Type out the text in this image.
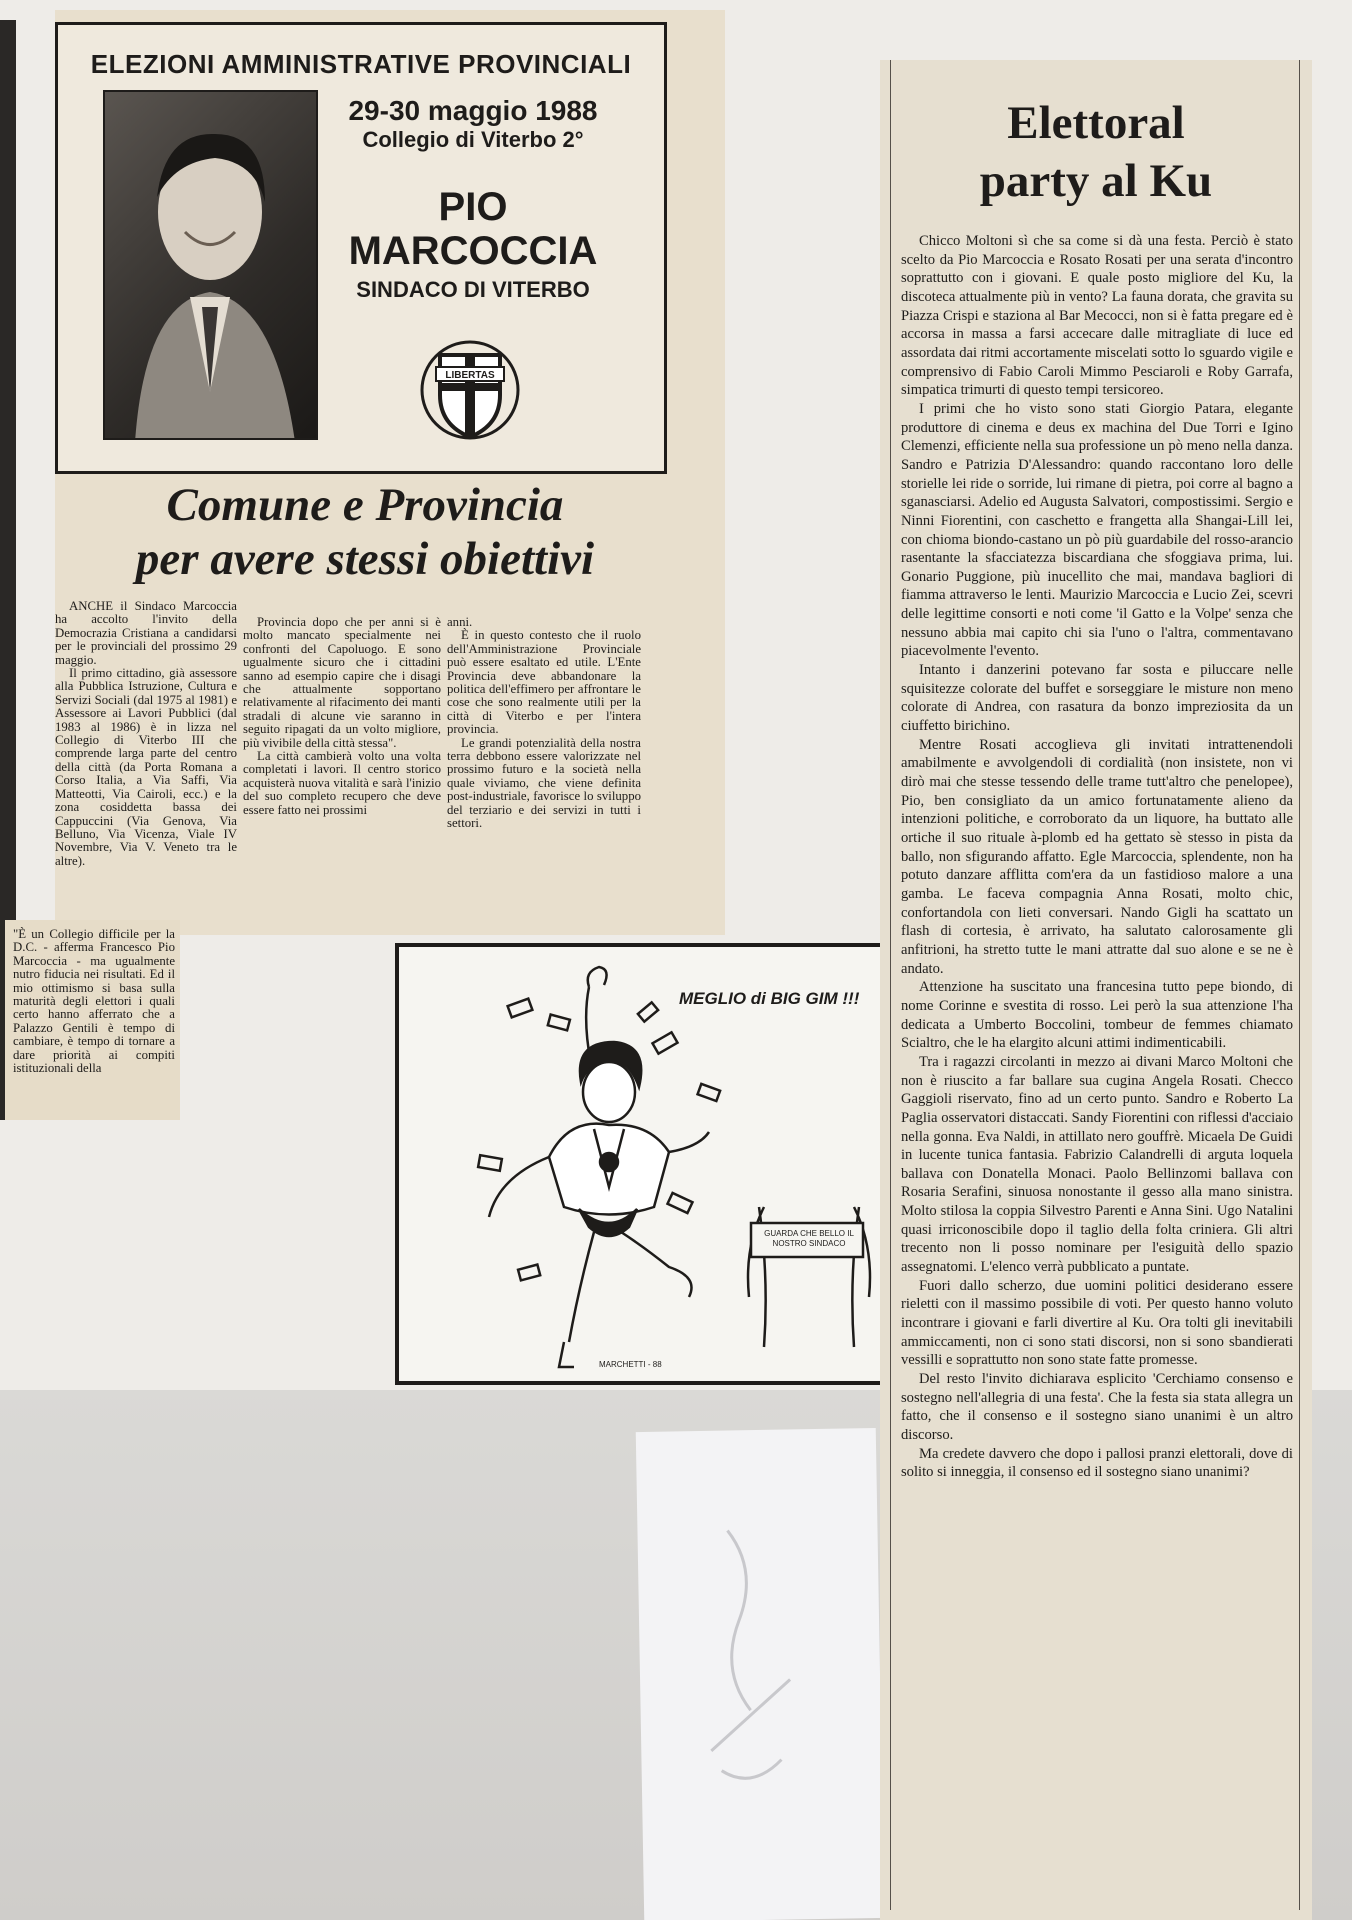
ELEZIONI AMMINISTRATIVE PROVINCIALI
29-30 maggio 1988
Collegio di Viterbo 2°
PIO
MARCOCCIA
SINDACO DI VITERBO
LIBERTAS
Comune e Provincia
per avere stessi obiettivi

ANCHE il Sindaco Marcoccia ha accolto l'invito della Democrazia Cristiana a candidarsi per le provinciali del prossimo 29 maggio.

Il primo cittadino, già assessore alla Pubblica Istruzione, Cultura e Servizi Sociali (dal 1975 al 1981) e Assessore ai Lavori Pubblici (dal 1983 al 1986) è in lizza nel Collegio di Viterbo III che comprende larga parte del centro della città (da Porta Romana a Corso Italia, a Via Saffi, Via Matteotti, Via Cairoli, ecc.) e la zona cosiddetta bassa dei Cappuccini (Via Genova, Via Belluno, Via Vicenza, Viale IV Novembre, Via V. Veneto tra le altre).

Provincia dopo che per anni si è molto mancato specialmente nei confronti del Capoluogo. E sono ugualmente sicuro che i cittadini sanno ad esempio capire che i disagi che attualmente sopportano relativamente al rifacimento dei manti stradali di alcune vie saranno in seguito ripagati da un volto migliore, più vivibile della città stessa".

La città cambierà volto una volta completati i lavori. Il centro storico acquisterà nuova vitalità e sarà l'inizio del suo completo recupero che deve essere fatto nei prossimi

anni.

È in questo contesto che il ruolo dell'Amministrazione Provinciale può essere esaltato ed utile. L'Ente Provincia deve abbandonare la politica dell'effimero per affrontare le cose che sono realmente utili per la città di Viterbo e per l'intera provincia.

Le grandi potenzialità della nostra terra debbono essere valorizzate nel prossimo futuro e la società nella quale viviamo, che viene definita post-industriale, favorisce lo sviluppo del terziario e dei servizi in tutti i settori.

"È un Collegio difficile per la D.C. - afferma Francesco Pio Marcoccia - ma ugualmente nutro fiducia nei risultati. Ed il mio ottimismo si basa sulla maturità degli elettori i quali certo hanno afferrato che a Palazzo Gentili è tempo di cambiare, è tempo di tornare a dare priorità ai compiti istituzionali della

MARCHETTI - 88
MEGLIO di BIG GIM !!!
GUARDA CHE BELLO IL NOSTRO SINDACO
Elettoral
party al Ku

Chicco Moltoni sì che sa come si dà una festa. Perciò è stato scelto da Pio Marcoccia e Rosato Rosati per una serata d'incontro soprattutto con i giovani. E quale posto migliore del Ku, la discoteca attualmente più in vento? La fauna dorata, che gravita su Piazza Crispi e staziona al Bar Mecocci, non si è fatta pregare ed è accorsa in massa a farsi accecare dalle mitragliate di luce ed assordata dai ritmi accortamente miscelati sotto lo sguardo vigile e comprensivo di Fabio Caroli Mimmo Pesciaroli e Roby Garrafa, simpatica trimurti di questo tempi tersicoreo.

I primi che ho visto sono stati Giorgio Patara, elegante produttore di cinema e deus ex machina del Due Torri e Igino Clemenzi, efficiente nella sua professione un pò meno nella danza. Sandro e Patrizia D'Alessandro: quando raccontano loro delle storielle lei ride o sorride, lui rimane di pietra, poi corre al bagno a sganasciarsi. Adelio ed Augusta Salvatori, compostissimi. Sergio e Ninni Fiorentini, con caschetto e frangetta alla Shangai-Lill lei, con chioma biondo-castano un pò più guardabile del rosso-arancio rasentante la sfacciatezza biscardiana che sfoggiava prima, lui. Gonario Puggione, più inucellito che mai, mandava bagliori di fiamma attraverso le lenti. Maurizio Marcoccia e Lucio Zei, scevri delle legittime consorti e noti come 'il Gatto e la Volpe' senza che nessuno abbia mai capito chi sia l'uno o l'altra, commentavano piacevolmente l'evento.

Intanto i danzerini potevano far sosta e piluccare nelle squisitezze colorate del buffet e sorseggiare le misture non meno colorate di Andrea, con rasatura da bonzo impreziosita da un ciuffetto birichino.

Mentre Rosati accoglieva gli invitati intrattenendoli amabilmente e avvolgendoli di cordialità (non insistete, non vi dirò mai che stesse tessendo delle trame tutt'altro che penelopee), Pio, ben consigliato da un amico fortunatamente alieno da intenzioni politiche, e corroborato da un liquore, ha buttato alle ortiche il suo rituale à-plomb ed ha gettato sè stesso in pista da ballo, non sfigurando affatto. Egle Marcoccia, splendente, non ha potuto danzare afflitta com'era da un fastidioso malore a una gamba. Le faceva compagnia Anna Rosati, molto chic, confortandola con lieti conversari. Nando Gigli ha scattato un flash di cortesia, è arrivato, ha salutato calorosamente gli anfitrioni, ha stretto tutte le mani attratte dal suo alone e se ne è andato.

Attenzione ha suscitato una francesina tutto pepe biondo, di nome Corinne e svestita di rosso. Lei però la sua attenzione l'ha dedicata a Umberto Boccolini, tombeur de femmes chiamato Scialtro, che le ha elargito alcuni attimi indimenticabili.

Tra i ragazzi circolanti in mezzo ai divani Marco Moltoni che non è riuscito a far ballare sua cugina Angela Rosati. Checco Gaggioli riservato, fino ad un certo punto. Sandro e Roberto La Paglia osservatori distaccati. Sandy Fiorentini con riflessi d'acciaio nella gonna. Eva Naldi, in attillato nero gouffrè. Micaela De Guidi in lucente tunica fantasia. Fabrizio Calandrelli di arguta loquela ballava con Donatella Monaci. Paolo Bellinzomi ballava con Rosaria Serafini, sinuosa nonostante il gesso alla mano sinistra. Molto stilosa la coppia Silvestro Parenti e Anna Sini. Ugo Natalini quasi irriconoscibile dopo il taglio della folta criniera. Gli altri trecento non li posso nominare per l'esiguità dello spazio assegnatomi. L'elenco verrà pubblicato a puntate.

Fuori dallo scherzo, due uomini politici desiderano essere rieletti con il massimo possibile di voti. Per questo hanno voluto incontrare i giovani e farli divertire al Ku. Ora tolti gli inevitabili ammiccamenti, non ci sono stati discorsi, non si sono sbandierati vessilli e soprattutto non sono state fatte promesse.

Del resto l'invito dichiarava esplicito 'Cerchiamo consenso e sostegno nell'allegria di una festa'. Che la festa sia stata allegra un fatto, che il consenso e il sostegno siano unanimi è un altro discorso.

Ma credete davvero che dopo i pallosi pranzi elettorali, dove di solito si inneggia, il consenso ed il sostegno siano unanimi?
